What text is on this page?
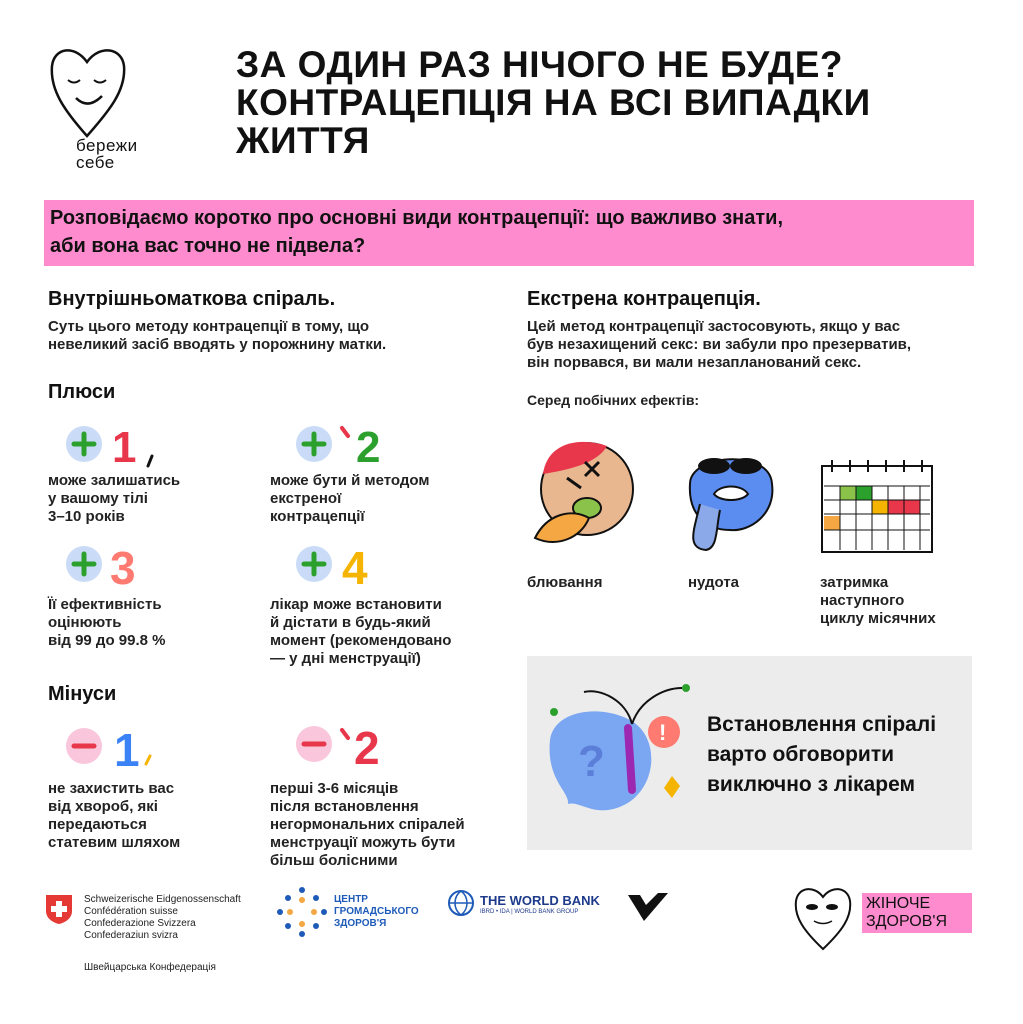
бережи
себе
ЗА ОДИН РАЗ НІЧОГО НЕ БУДЕ?
КОНТРАЦЕПЦІЯ НА ВСІ ВИПАДКИ
ЖИТТЯ
Розповідаємо коротко про основні види контрацепції: що важливо знати,
аби вона вас точно не підвела?
Внутрішньоматкова спіраль.
Суть цього методу контрацепції в тому, що
невеликий засіб вводять у порожнину матки.
Плюси
1
може залишатись
у вашому тілі
3–10 років
2
може бути й методом
екстреної
контрацепції
3
Її ефективність
оцінюють
від 99 до 99.8 %
4
лікар може встановити
й дістати в будь-який
момент (рекомендовано
— у дні менструації)
Мінуси
1
не захистить вас
від хвороб, які
передаються
статевим шляхом
2
перші 3-6 місяців
після встановлення
негормональних спіралей
менструації можуть бути
більш болісними
Екстрена контрацепція.
Цей метод контрацепції застосовують, якщо у вас
був незахищений секс: ви забули про презерватив,
він порвався, ви мали незапланований секс.
Серед побічних ефектів:
блювання	нудота	затримка
наступного
циклу місячних
?
! Встановлення спіралі
варто обговорити
виключно з лікарем
Schweizerische Eidgenossenschaft
Confédération suisse
Confederazione Svizzera
Confederaziun svizra
Швейцарська Конфедерація
ЦЕНТР
ГРОМАДСЬКОГО
ЗДОРОВ'Я
THE WORLD BANK
IBRD • IDA | WORLD BANK GROUP	ЖІНОЧЕ
ЗДОРОВ'Я
